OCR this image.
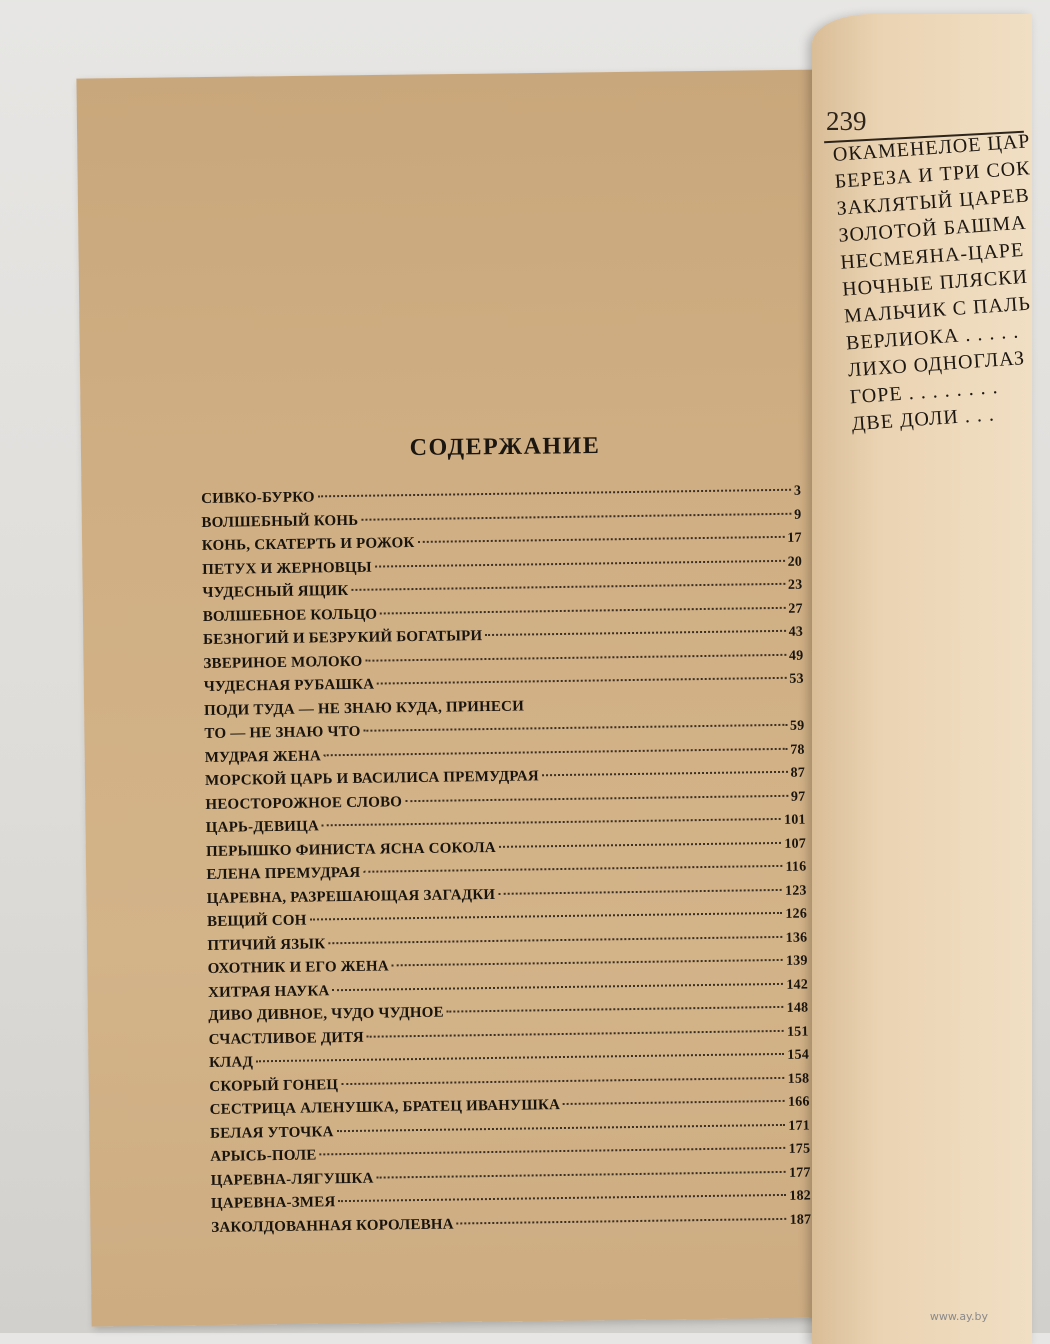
239
ОКАМЕНЕЛОЕ ЦАР
БЕРЕЗА И ТРИ СОК
ЗАКЛЯТЫЙ ЦАРЕВ
ЗОЛОТОЙ БАШМА
НЕСМЕЯНА-ЦАРЕ
НОЧНЫЕ ПЛЯСКИ
МАЛЬЧИК С ПАЛЬ
ВЕРЛИОКА . . . . .
ЛИХО ОДНОГЛАЗ
ГОРЕ . . . . . . . .
ДВЕ ДОЛИ . . .
СОДЕРЖАНИЕ
СИВКО-БУРКО	3
ВОЛШЕБНЫЙ КОНЬ	9
КОНЬ, СКАТЕРТЬ И РОЖОК	17
ПЕТУХ И ЖЕРНОВЦЫ	20
ЧУДЕСНЫЙ ЯЩИК	23
ВОЛШЕБНОЕ КОЛЬЦО	27
БЕЗНОГИЙ И БЕЗРУКИЙ БОГАТЫРИ	43
ЗВЕРИНОЕ МОЛОКО	49
ЧУДЕСНАЯ РУБАШКА	53
ПОДИ ТУДА — НЕ ЗНАЮ КУДА, ПРИНЕСИ
ТО — НЕ ЗНАЮ ЧТО	59
МУДРАЯ ЖЕНА	78
МОРСКОЙ ЦАРЬ И ВАСИЛИСА ПРЕМУДРАЯ	87
НЕОСТОРОЖНОЕ СЛОВО	97
ЦАРЬ-ДЕВИЦА	101
ПЕРЫШКО ФИНИСТА ЯСНА СОКОЛА	107
ЕЛЕНА ПРЕМУДРАЯ	116
ЦАРЕВНА, РАЗРЕШАЮЩАЯ ЗАГАДКИ	123
ВЕЩИЙ СОН	126
ПТИЧИЙ ЯЗЫК	136
ОХОТНИК И ЕГО ЖЕНА	139
ХИТРАЯ НАУКА	142
ДИВО ДИВНОЕ, ЧУДО ЧУДНОЕ	148
СЧАСТЛИВОЕ ДИТЯ	151
КЛАД	154
СКОРЫЙ ГОНЕЦ	158
СЕСТРИЦА АЛЕНУШКА, БРАТЕЦ ИВАНУШКА	166
БЕЛАЯ УТОЧКА	171
АРЫСЬ-ПОЛЕ	175
ЦАРЕВНА-ЛЯГУШКА	177
ЦАРЕВНА-ЗМЕЯ	182
ЗАКОЛДОВАННАЯ КОРОЛЕВНА	187
www.ay.by
